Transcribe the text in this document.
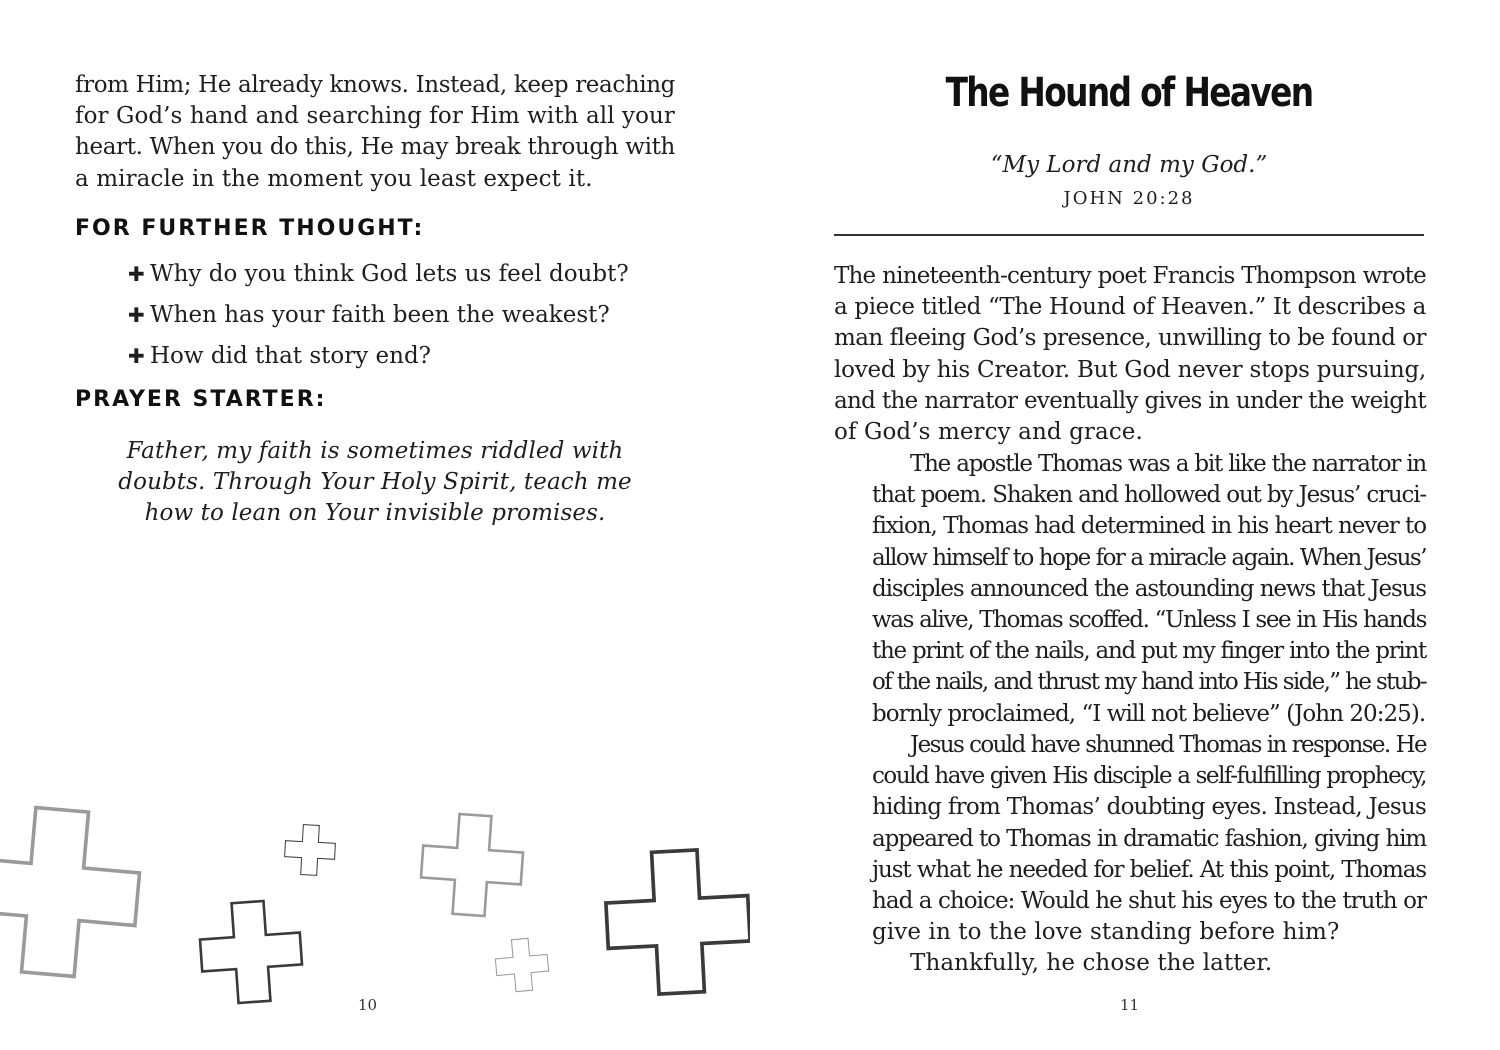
from Him; He already knows. Instead, keep reaching
for God’s hand and searching for Him with all your
heart. When you do this, He may break through with
a miracle in the moment you least expect it.

FOR FURTHER THOUGHT:
✚ Why do you think God lets us feel doubt?
✚ When has your faith been the weakest?
✚ How did that story end?
PRAYER STARTER:

Father, my faith is sometimes riddled with
doubts. Through Your Holy Spirit, teach me
how to lean on Your invisible promises.

10
The Hound of Heaven

“My Lord and my God.”

JOHN 20:28

The nineteenth-century poet Francis Thompson wrote
a piece titled “The Hound of Heaven.” It describes a
man fleeing God’s presence, unwilling to be found or
loved by his Creator. But God never stops pursuing,
and the narrator eventually gives in under the weight
of God’s mercy and grace.

The apostle Thomas was a bit like the narrator in
that poem. Shaken and hollowed out by Jesus’ cruci-
fixion, Thomas had determined in his heart never to
allow himself to hope for a miracle again. When Jesus’
disciples announced the astounding news that Jesus
was alive, Thomas scoffed. “Unless I see in His hands
the print of the nails, and put my finger into the print
of the nails, and thrust my hand into His side,” he stub-
bornly proclaimed, “I will not believe” (John 20:25).

Jesus could have shunned Thomas in response. He
could have given His disciple a self-fulfilling prophecy,
hiding from Thomas’ doubting eyes. Instead, Jesus
appeared to Thomas in dramatic fashion, giving him
just what he needed for belief. At this point, Thomas
had a choice: Would he shut his eyes to the truth or
give in to the love standing before him?

Thankfully, he chose the latter.

11
